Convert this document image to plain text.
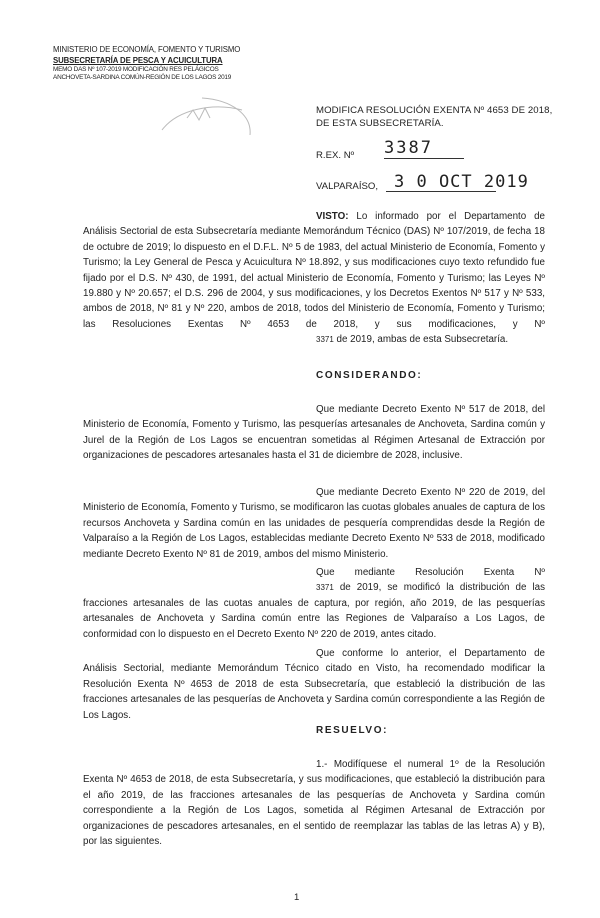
MINISTERIO DE ECONOMÍA, FOMENTO Y TURISMO
SUBSECRETARÍA DE PESCA Y ACUICULTURA
MEMO DAS Nº 107-2019 MODIFICACIÓN RES PELÁGICOS
ANCHOVETA-SARDINA COMÚN-REGIÓN DE LOS LAGOS 2019
MODIFICA RESOLUCIÓN EXENTA Nº 4653 DE 2018,
DE ESTA SUBSECRETARÍA.
R.EX. Nº 3387
VALPARAÍSO, 3 0 OCT 2019
VISTO: Lo informado por el Departamento de Análisis Sectorial de esta Subsecretaría mediante Memorándum Técnico (DAS) Nº 107/2019, de fecha 18 de octubre de 2019; lo dispuesto en el D.F.L. Nº 5 de 1983, del actual Ministerio de Economía, Fomento y Turismo; la Ley General de Pesca y Acuicultura Nº 18.892, y sus modificaciones cuyo texto refundido fue fijado por el D.S. Nº 430, de 1991, del actual Ministerio de Economía, Fomento y Turismo; las Leyes Nº 19.880 y Nº 20.657; el D.S. 296 de 2004, y sus modificaciones, y los Decretos Exentos Nº 517 y Nº 533, ambos de 2018, Nº 81 y Nº 220, ambos de 2018, todos del Ministerio de Economía, Fomento y Turismo; las Resoluciones Exentas Nº 4653 de 2018, y sus modificaciones, y Nº 3371 de 2019, ambas de esta Subsecretaría.
CONSIDERANDO:
Que mediante Decreto Exento Nº 517 de 2018, del Ministerio de Economía, Fomento y Turismo, las pesquerías artesanales de Anchoveta, Sardina común y Jurel de la Región de Los Lagos se encuentran sometidas al Régimen Artesanal de Extracción por organizaciones de pescadores artesanales hasta el 31 de diciembre de 2028, inclusive.
Que mediante Decreto Exento Nº 220 de 2019, del Ministerio de Economía, Fomento y Turismo, se modificaron las cuotas globales anuales de captura de los recursos Anchoveta y Sardina común en las unidades de pesquería comprendidas desde la Región de Valparaíso a la Región de Los Lagos, establecidas mediante Decreto Exento Nº 533 de 2018, modificado mediante Decreto Exento Nº 81 de 2019, ambos del mismo Ministerio.
Que mediante Resolución Exenta Nº 3371 de 2019, se modificó la distribución de las fracciones artesanales de las cuotas anuales de captura, por región, año 2019, de las pesquerías artesanales de Anchoveta y Sardina común entre las Regiones de Valparaíso a Los Lagos, de conformidad con lo dispuesto en el Decreto Exento Nº 220 de 2019, antes citado.
Que conforme lo anterior, el Departamento de Análisis Sectorial, mediante Memorándum Técnico citado en Visto, ha recomendado modificar la Resolución Exenta Nº 4653 de 2018 de esta Subsecretaría, que estableció la distribución de las fracciones artesanales de las pesquerías de Anchoveta y Sardina común correspondiente a las Región de Los Lagos.
RESUELVO:
1.- Modifíquese el numeral 1º de la Resolución Exenta Nº 4653 de 2018, de esta Subsecretaría, y sus modificaciones, que estableció la distribución para el año 2019, de las fracciones artesanales de las pesquerías de Anchoveta y Sardina común correspondiente a la Región de Los Lagos, sometida al Régimen Artesanal de Extracción por organizaciones de pescadores artesanales, en el sentido de reemplazar las tablas de las letras A) y B), por las siguientes.
1
